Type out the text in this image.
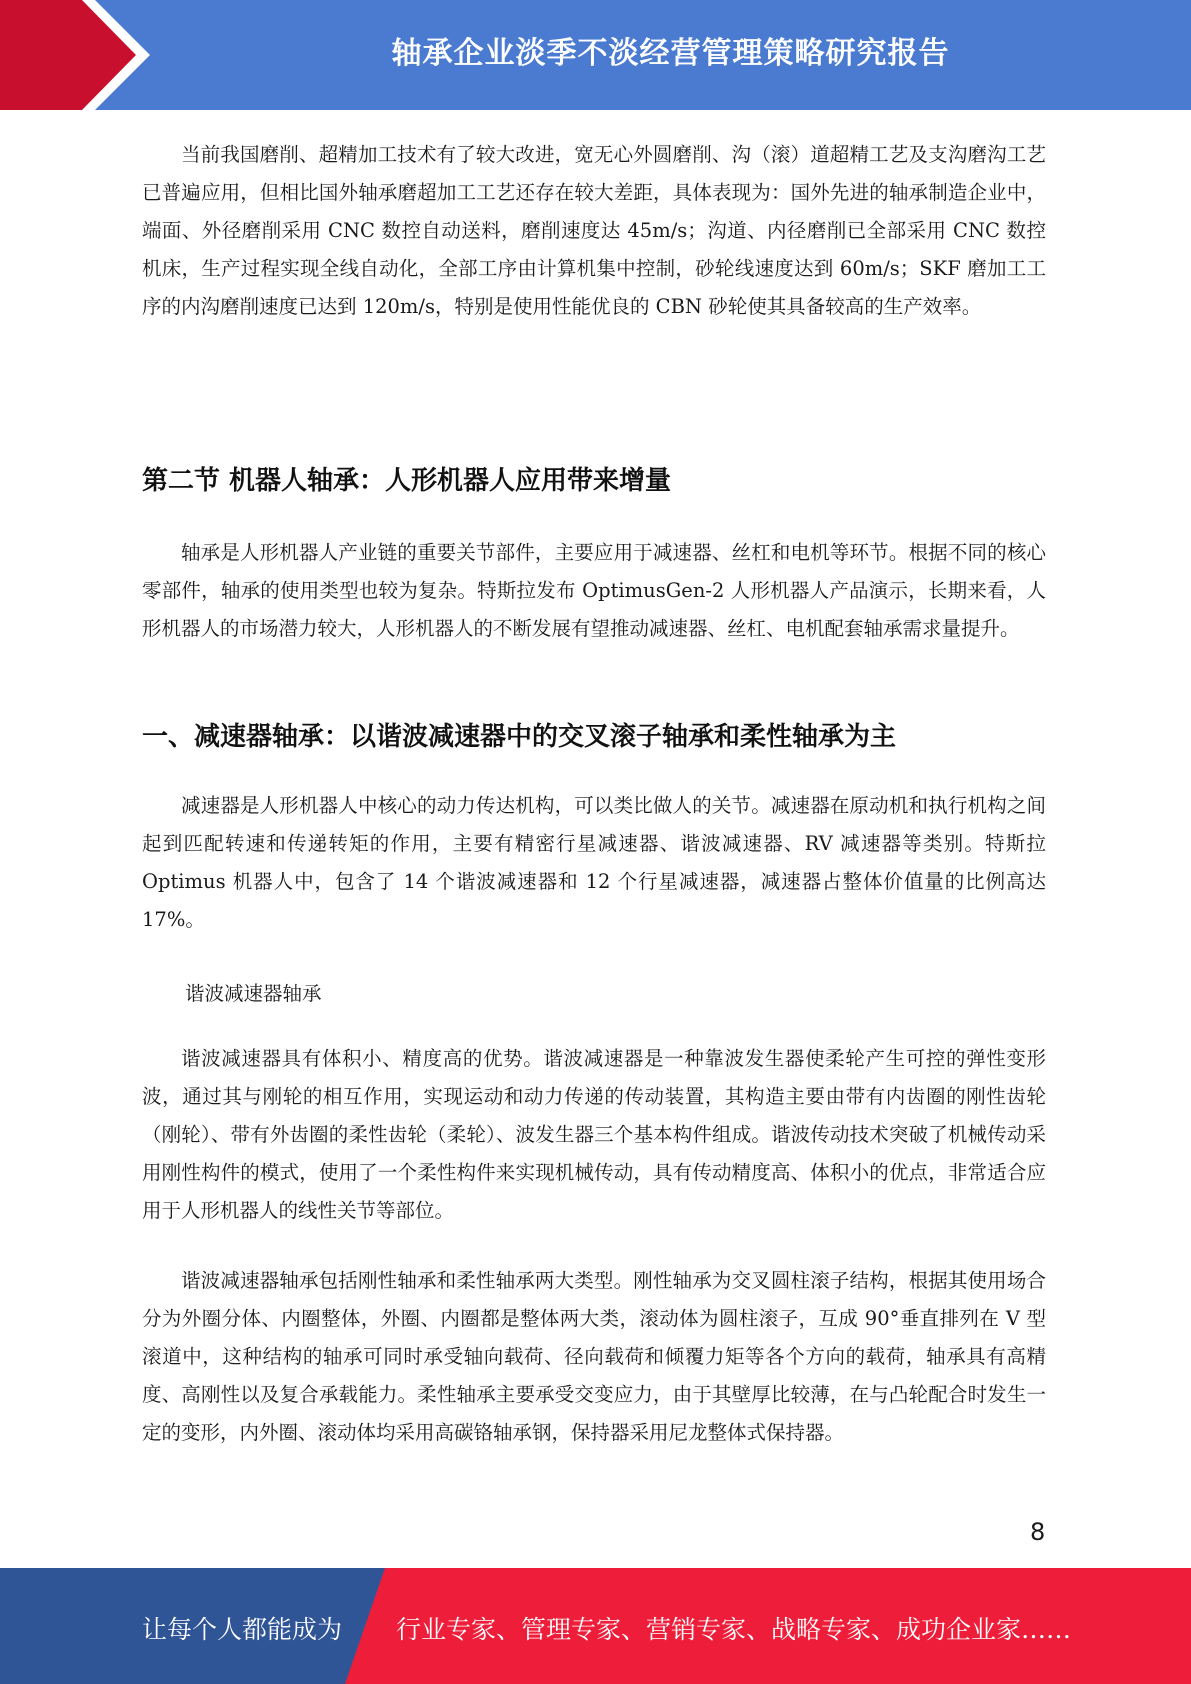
轴承企业淡季不淡经营管理策略研究报告

当前我国磨削、超精加工技术有了较大改进，宽无心外圆磨削、沟（滚）道超精工艺及支沟磨沟工艺已普遍应用，但相比国外轴承磨超加工工艺还存在较大差距，具体表现为：国外先进的轴承制造企业中，端面、外径磨削采用 CNC 数控自动送料，磨削速度达 45m/s；沟道、内径磨削已全部采用 CNC 数控机床，生产过程实现全线自动化，全部工序由计算机集中控制，砂轮线速度达到 60m/s；SKF 磨加工工序的内沟磨削速度已达到 120m/s，特别是使用性能优良的 CBN 砂轮使其具备较高的生产效率。

第二节 机器人轴承：人形机器人应用带来增量

轴承是人形机器人产业链的重要关节部件，主要应用于减速器、丝杠和电机等环节。根据不同的核心零部件，轴承的使用类型也较为复杂。特斯拉发布 OptimusGen-2 人形机器人产品演示，长期来看，人形机器人的市场潜力较大，人形机器人的不断发展有望推动减速器、丝杠、电机配套轴承需求量提升。

一、减速器轴承：以谐波减速器中的交叉滚子轴承和柔性轴承为主

减速器是人形机器人中核心的动力传达机构，可以类比做人的关节。减速器在原动机和执行机构之间起到匹配转速和传递转矩的作用，主要有精密行星减速器、谐波减速器、RV 减速器等类别。特斯拉 Optimus 机器人中，包含了 14 个谐波减速器和 12 个行星减速器，减速器占整体价值量的比例高达 17%。

谐波减速器轴承

谐波减速器具有体积小、精度高的优势。谐波减速器是一种靠波发生器使柔轮产生可控的弹性变形波，通过其与刚轮的相互作用，实现运动和动力传递的传动装置，其构造主要由带有内齿圈的刚性齿轮（刚轮）、带有外齿圈的柔性齿轮（柔轮）、波发生器三个基本构件组成。谐波传动技术突破了机械传动采用刚性构件的模式，使用了一个柔性构件来实现机械传动，具有传动精度高、体积小的优点，非常适合应用于人形机器人的线性关节等部位。

谐波减速器轴承包括刚性轴承和柔性轴承两大类型。刚性轴承为交叉圆柱滚子结构，根据其使用场合分为外圈分体、内圈整体，外圈、内圈都是整体两大类，滚动体为圆柱滚子，互成 90°垂直排列在 V 型滚道中，这种结构的轴承可同时承受轴向载荷、径向载荷和倾覆力矩等各个方向的载荷，轴承具有高精度、高刚性以及复合承载能力。柔性轴承主要承受交变应力，由于其壁厚比较薄，在与凸轮配合时发生一定的变形，内外圈、滚动体均采用高碳铬轴承钢，保持器采用尼龙整体式保持器。

8
让每个人都能成为 行业专家、管理专家、营销专家、战略专家、成功企业家……
